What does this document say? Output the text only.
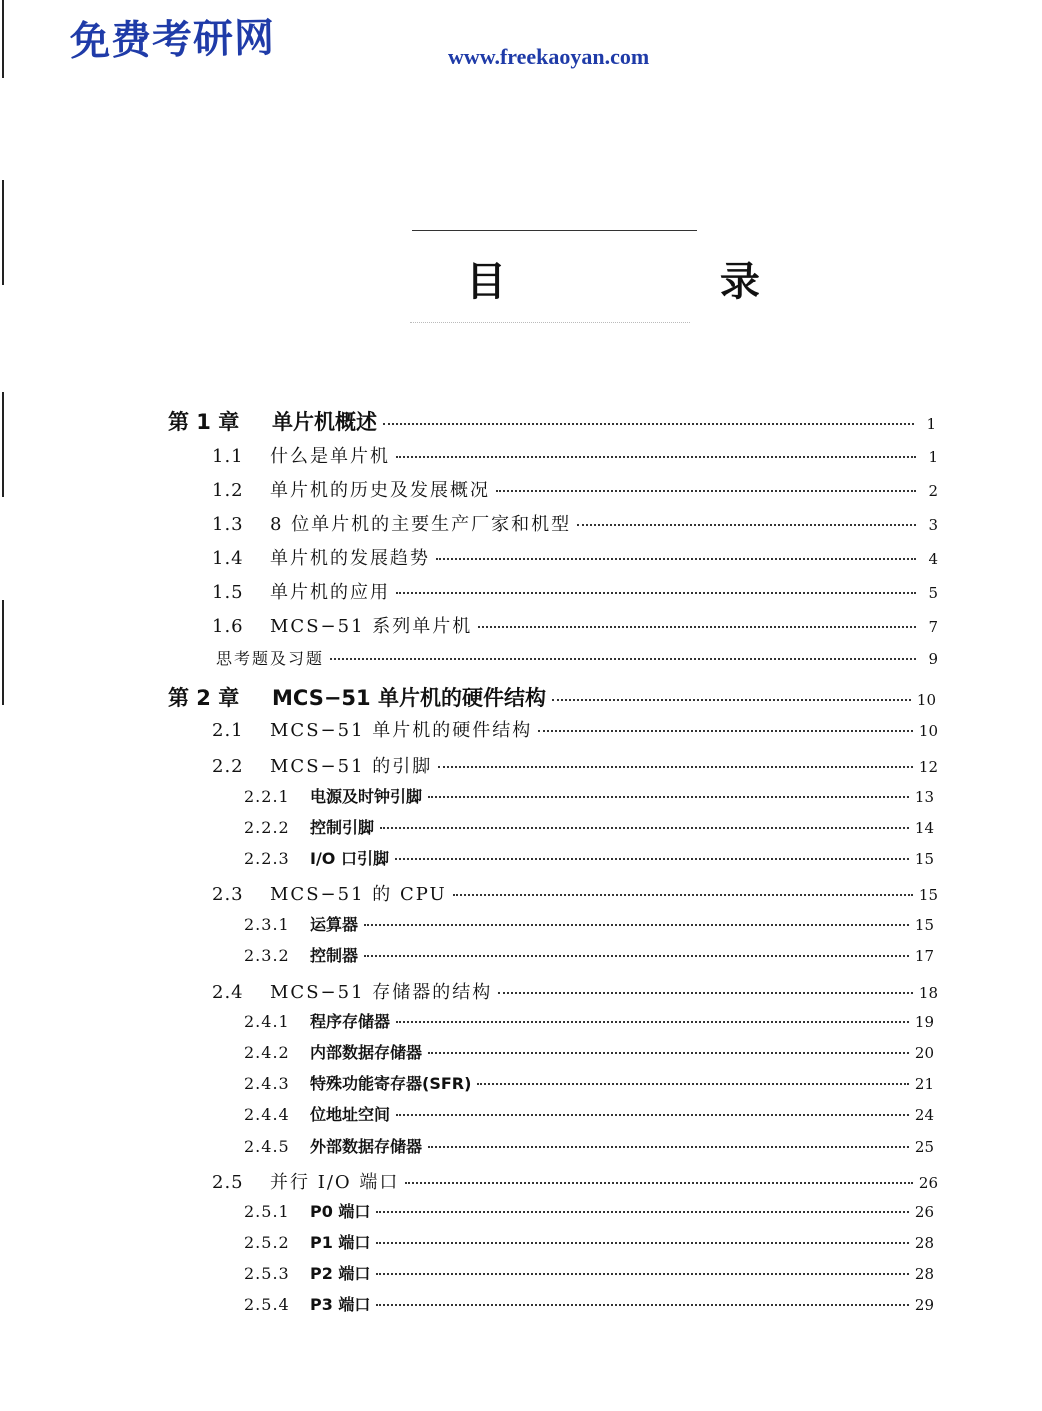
免费考研网	www.freekaoyan.com
目 录
第 1 章	单片机概述	1
1.1	什么是单片机	1
1.2	单片机的历史及发展概况	2
1.3	8 位单片机的主要生产厂家和机型	3
1.4	单片机的发展趋势	4
1.5	单片机的应用	5
1.6	MCS−51 系列单片机	7
思考题及习题	9
第 2 章	MCS−51 单片机的硬件结构	10
2.1	MCS−51 单片机的硬件结构	10
2.2	MCS−51 的引脚	12
2.2.1	电源及时钟引脚	13
2.2.2	控制引脚	14
2.2.3	I/O 口引脚	15
2.3	MCS−51 的 CPU	15
2.3.1	运算器	15
2.3.2	控制器	17
2.4	MCS−51 存储器的结构	18
2.4.1	程序存储器	19
2.4.2	内部数据存储器	20
2.4.3	特殊功能寄存器(SFR)	21
2.4.4	位地址空间	24
2.4.5	外部数据存储器	25
2.5	并行 I/O 端口	26
2.5.1	P0 端口	26
2.5.2	P1 端口	28
2.5.3	P2 端口	28
2.5.4	P3 端口	29
